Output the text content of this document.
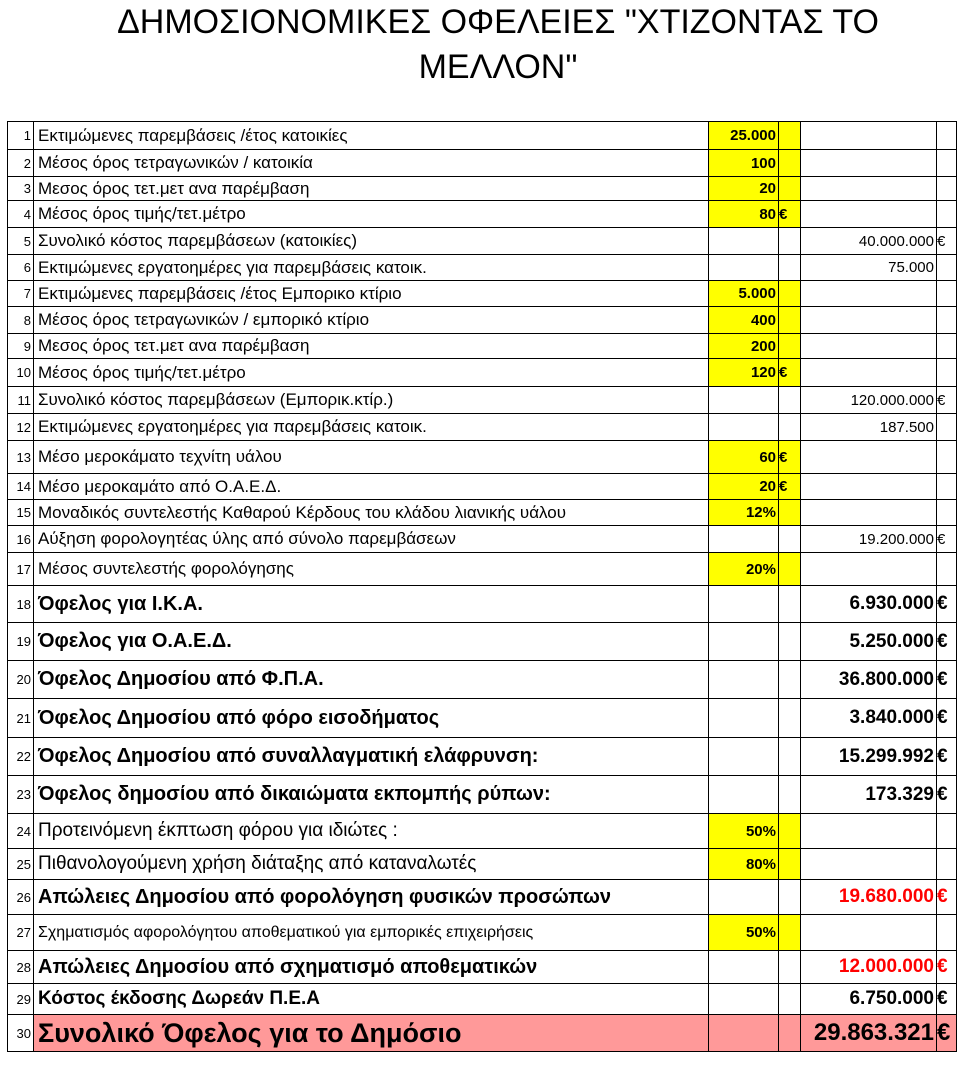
ΔΗΜΟΣΙΟΝΟΜΙΚΕΣ ΟΦΕΛΕΙΕΣ "ΧΤΙΖΟΝΤΑΣ ΤΟ
ΜΕΛΛΟΝ"
1	Εκτιμώμενες παρεμβάσεις /έτος κατοικίες	25.000			
2	Μέσος όρος τετραγωνικών / κατοικία	100			
3	Μεσος όρος τετ.μετ ανα παρέμβαση	20			
4	Μέσος όρος τιμής/τετ.μέτρο	80	€		
5	Συνολικό κόστος παρεμβάσεων (κατοικίες)			40.000.000	€
6	Εκτιμώμενες εργατοημέρες για παρεμβάσεις κατοικ.			75.000	
7	Εκτιμώμενες παρεμβάσεις /έτος Εμπορικο κτίριο	5.000			
8	Μέσος όρος τετραγωνικών / εμπορικό κτίριο	400			
9	Μεσος όρος τετ.μετ ανα παρέμβαση	200			
10	Μέσος όρος τιμής/τετ.μέτρο	120	€		
11	Συνολικό κόστος παρεμβάσεων (Εμπορικ.κτίρ.)			120.000.000	€
12	Εκτιμώμενες εργατοημέρες για παρεμβάσεις κατοικ.			187.500	
13	Μέσο μεροκάματο τεχνίτη υάλου	60	€		
14	Μέσο μεροκαμάτο από Ο.Α.Ε.Δ.	20	€		
15	Μοναδικός συντελεστής Καθαρού Κέρδους του κλάδου λιανικής υάλου	12%			
16	Αύξηση φορολογητέας ύλης από σύνολο παρεμβάσεων			19.200.000	€
17	Μέσος συντελεστής φορολόγησης	20%			
18	Όφελος για Ι.Κ.Α.			6.930.000	€
19	Όφελος για Ο.Α.Ε.Δ.			5.250.000	€
20	Όφελος Δημοσίου από Φ.Π.Α.			36.800.000	€
21	Όφελος Δημοσίου από φόρο εισοδήματος			3.840.000	€
22	Όφελος Δημοσίου από συναλλαγματική ελάφρυνση:			15.299.992	€
23	Όφελος δημοσίου από δικαιώματα εκπομπής ρύπων:			173.329	€
24	Προτεινόμενη έκπτωση φόρου για ιδιώτες :	50%			
25	Πιθανολογούμενη χρήση διάταξης από καταναλωτές	80%			
26	Απώλειες Δημοσίου από φορολόγηση φυσικών προσώπων			19.680.000	€
27	Σχηματισμός αφορολόγητου αποθεματικού για εμπορικές επιχειρήσεις	50%			
28	Απώλειες Δημοσίου από σχηματισμό αποθεματικών			12.000.000	€
29	Κόστος έκδοσης Δωρεάν Π.Ε.Α			6.750.000	€
30	Συνολικό Όφελος για το Δημόσιο			29.863.321	€
